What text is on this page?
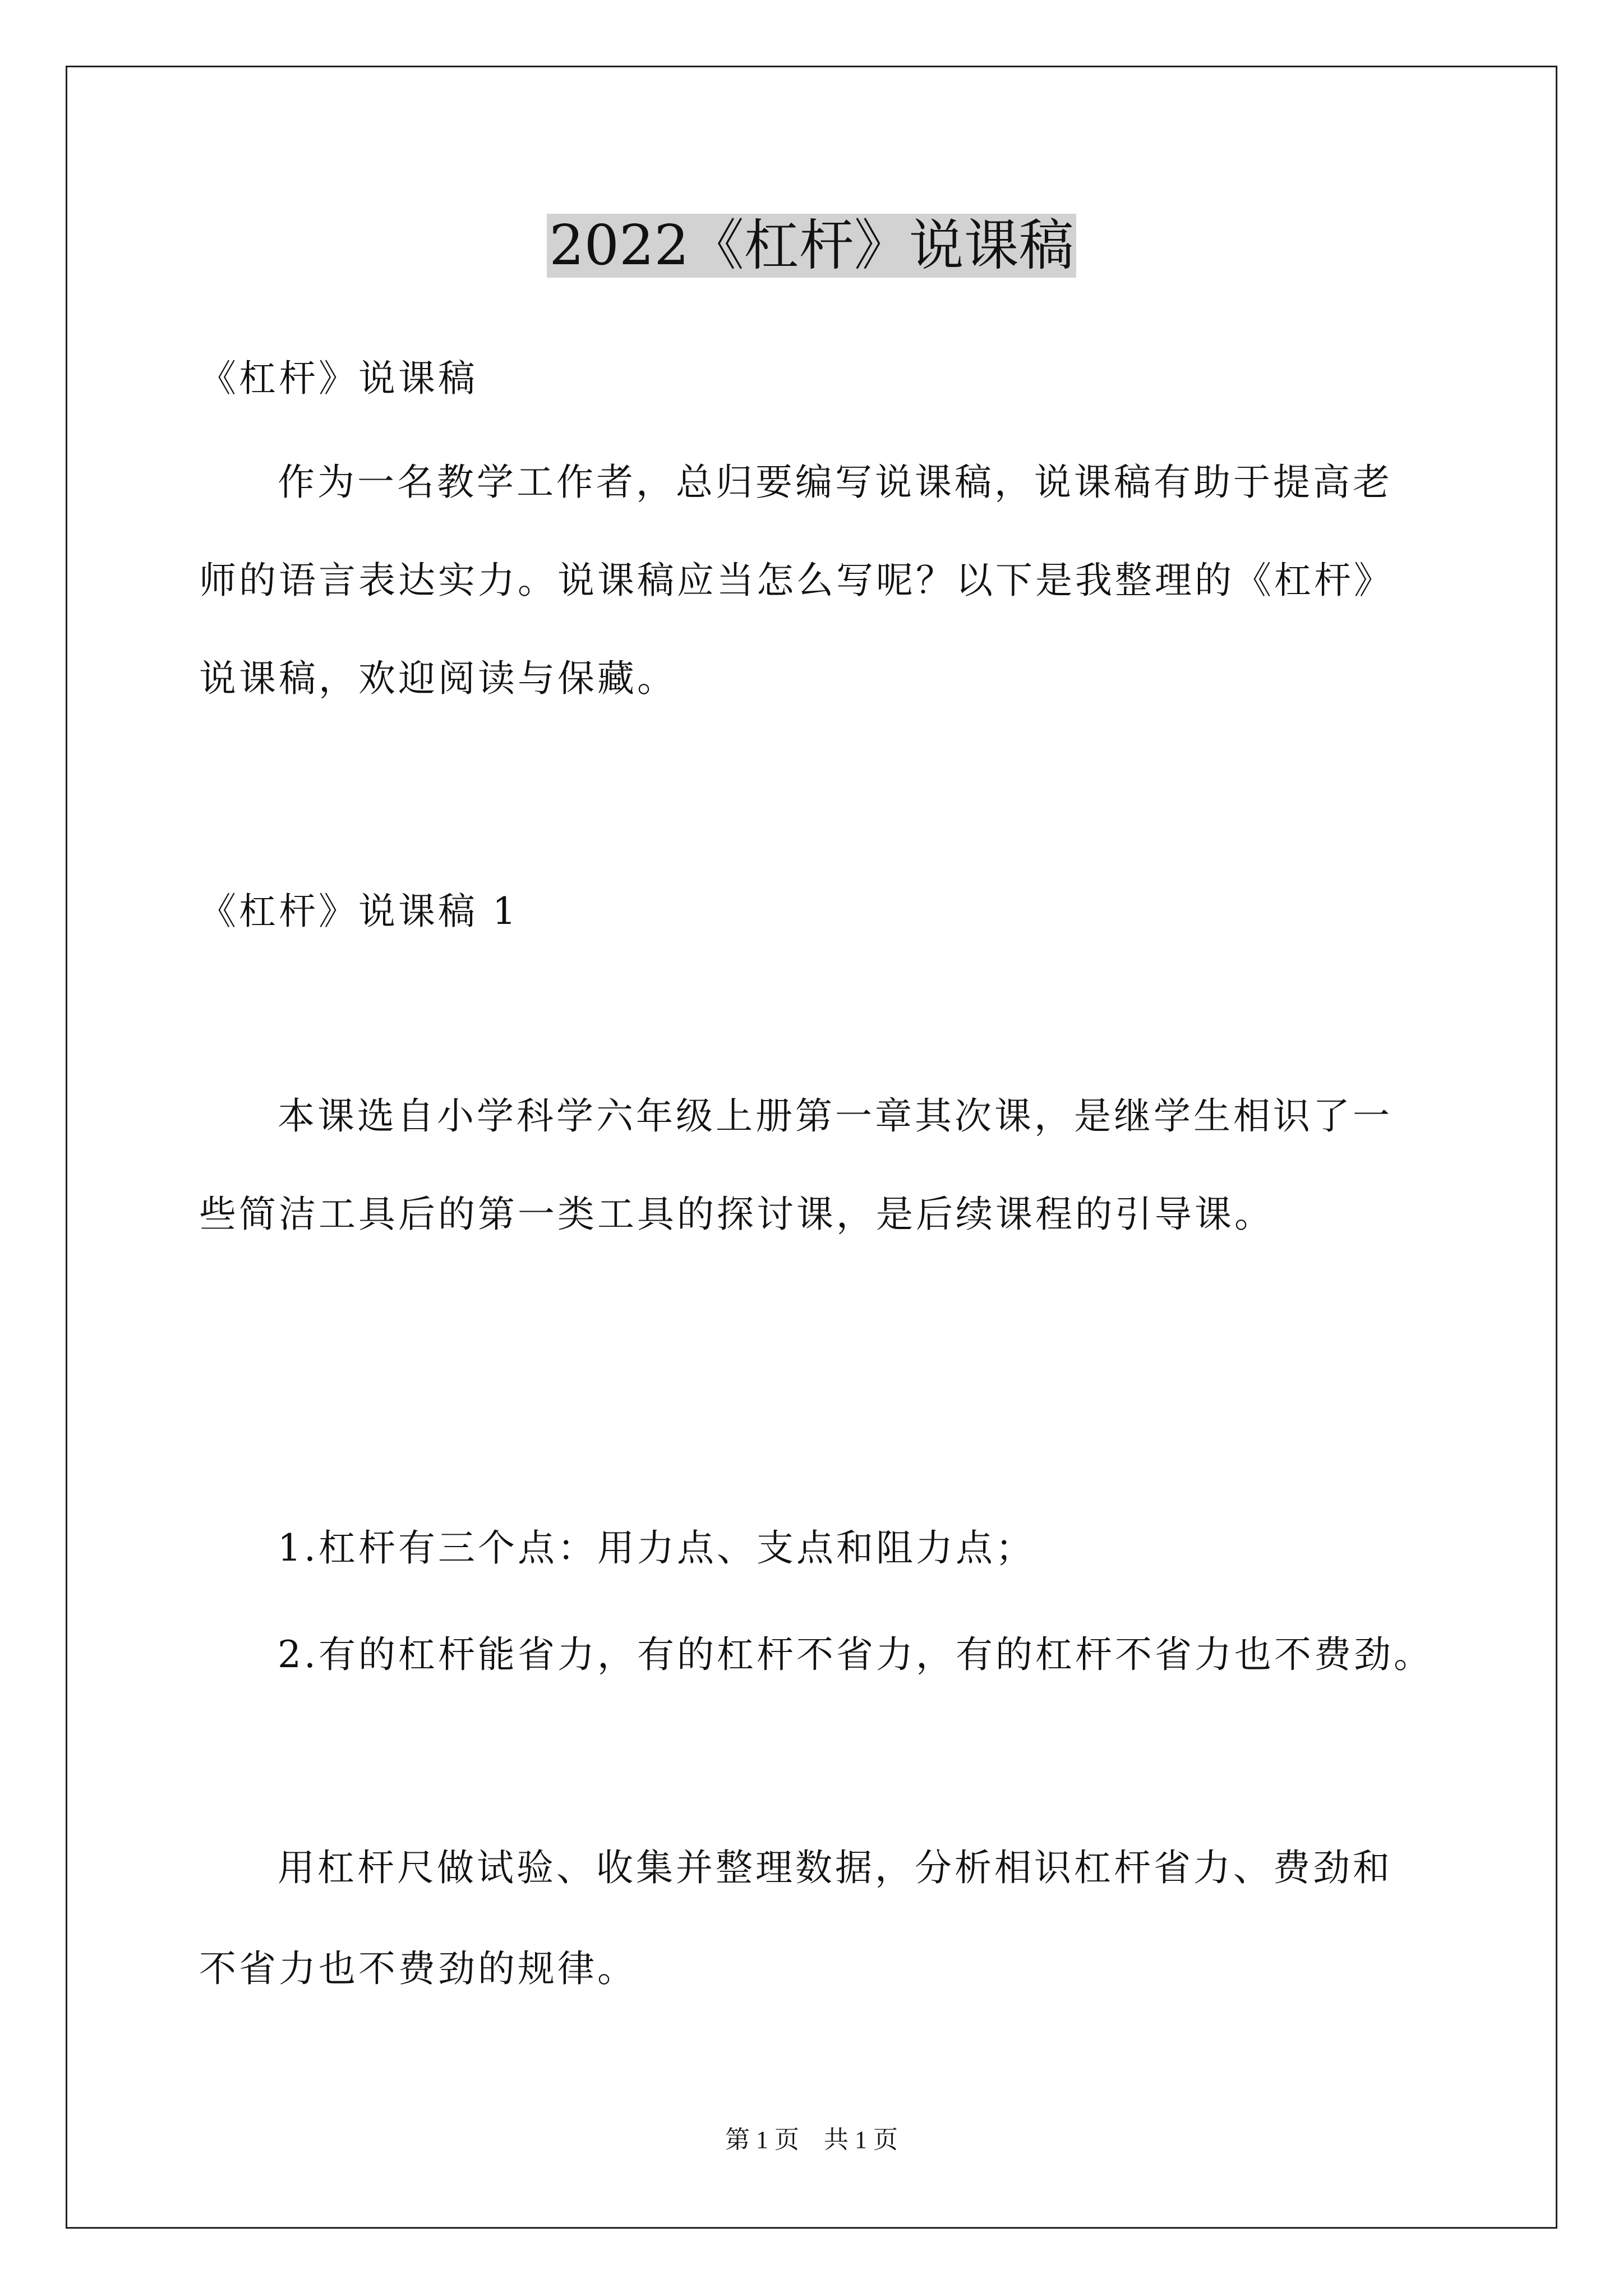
2022《杠杆》说课稿
《杠杆》说课稿
作为一名教学工作者，总归要编写说课稿，说课稿有助于提高老
师的语言表达实力。说课稿应当怎么写呢？以下是我整理的《杠杆》
说课稿，欢迎阅读与保藏。
《杠杆》说课稿 1
本课选自小学科学六年级上册第一章其次课，是继学生相识了一
些简洁工具后的第一类工具的探讨课，是后续课程的引导课。
1.杠杆有三个点：用力点、支点和阻力点；
2.有的杠杆能省力，有的杠杆不省力，有的杠杆不省力也不费劲。
用杠杆尺做试验、收集并整理数据，分析相识杠杆省力、费劲和
不省力也不费劲的规律。
第 1 页　共 1 页
